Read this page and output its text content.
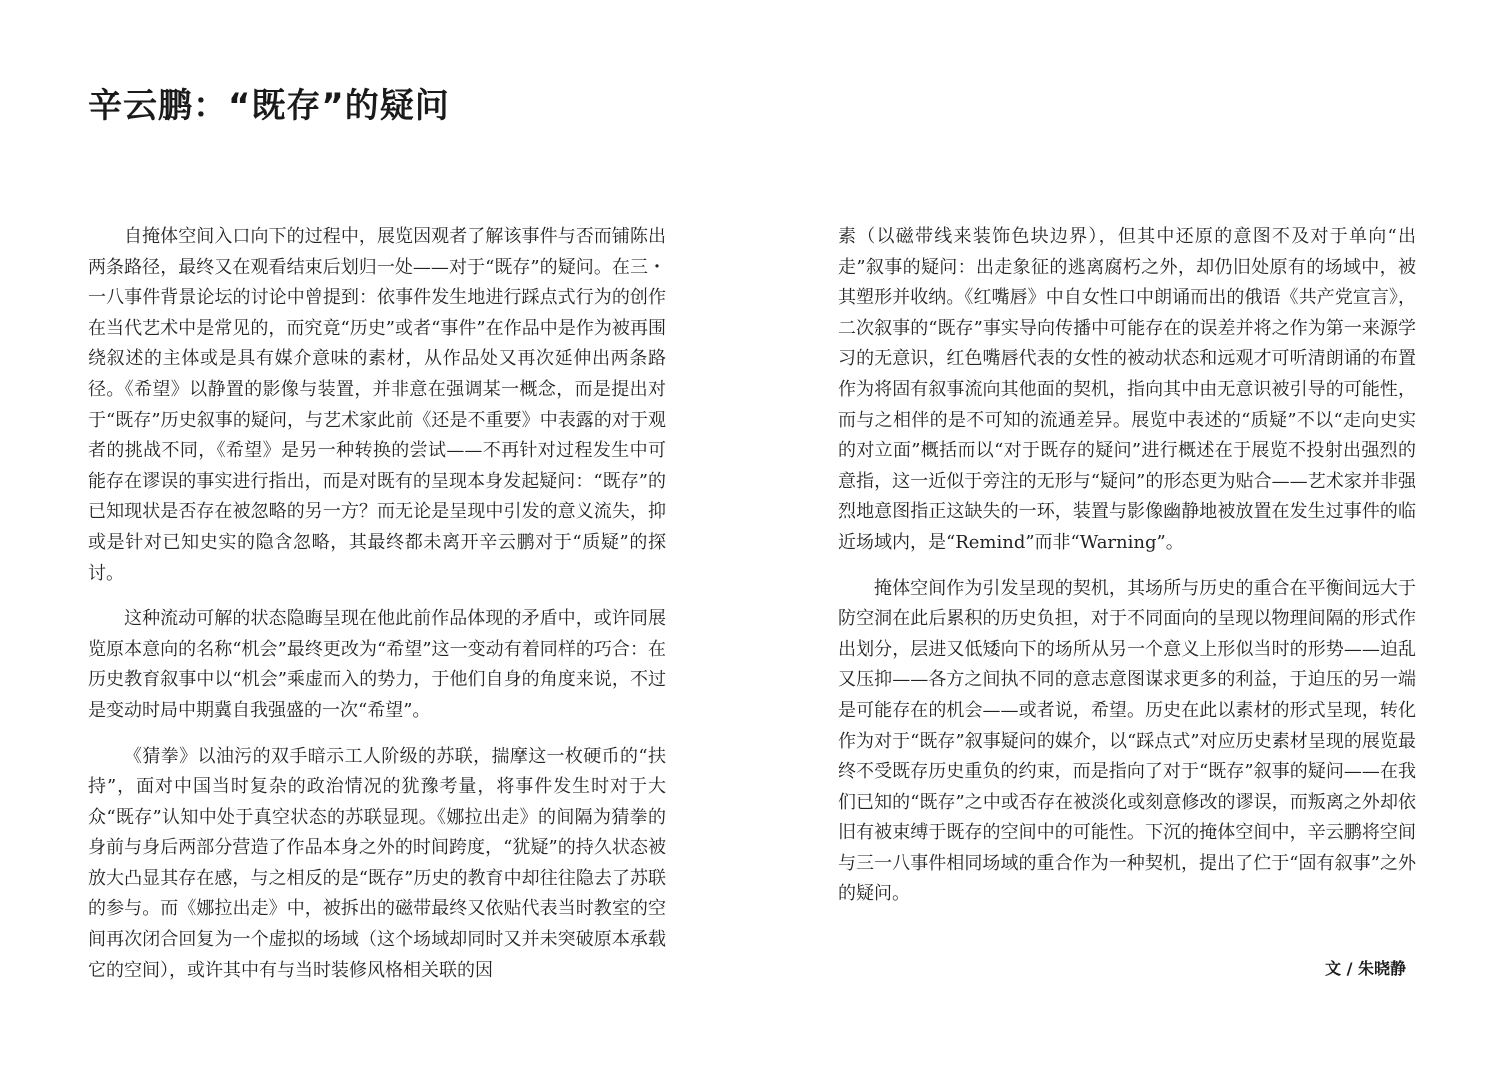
辛云鹏：“既存”的疑问

自掩体空间入口向下的过程中，展览因观者了解该事件与否而铺陈出两条路径，最终又在观看结束后划归一处——对于“既存”的疑问。在三・一八事件背景论坛的讨论中曾提到：依事件发生地进行踩点式行为的创作在当代艺术中是常见的，而究竟“历史”或者“事件”在作品中是作为被再围绕叙述的主体或是具有媒介意味的素材，从作品处又再次延伸出两条路径。《希望》以静置的影像与装置，并非意在强调某一概念，而是提出对于“既存”历史叙事的疑问，与艺术家此前《还是不重要》中表露的对于观者的挑战不同，《希望》是另一种转换的尝试——不再针对过程发生中可能存在谬误的事实进行指出，而是对既有的呈现本身发起疑问：“既存”的已知现状是否存在被忽略的另一方？而无论是呈现中引发的意义流失，抑或是针对已知史实的隐含忽略，其最终都未离开辛云鹏对于“质疑”的探讨。

这种流动可解的状态隐晦呈现在他此前作品体现的矛盾中，或许同展览原本意向的名称“机会”最终更改为“希望”这一变动有着同样的巧合：在历史教育叙事中以“机会”乘虚而入的势力，于他们自身的角度来说，不过是变动时局中期冀自我强盛的一次“希望”。

《猜拳》以油污的双手暗示工人阶级的苏联，揣摩这一枚硬币的“扶持”，面对中国当时复杂的政治情况的犹豫考量，将事件发生时对于大众“既存”认知中处于真空状态的苏联显现。《娜拉出走》的间隔为猜拳的身前与身后两部分营造了作品本身之外的时间跨度，“犹疑”的持久状态被放大凸显其存在感，与之相反的是“既存”历史的教育中却往往隐去了苏联的参与。而《娜拉出走》中，被拆出的磁带最终又依贴代表当时教室的空间再次闭合回复为一个虚拟的场域（这个场域却同时又并未突破原本承载它的空间），或许其中有与当时装修风格相关联的因

素（以磁带线来装饰色块边界），但其中还原的意图不及对于单向“出走”叙事的疑问：出走象征的逃离腐朽之外，却仍旧处原有的场域中，被其塑形并收纳。《红嘴唇》中自女性口中朗诵而出的俄语《共产党宣言》，二次叙事的“既存”事实导向传播中可能存在的误差并将之作为第一来源学习的无意识，红色嘴唇代表的女性的被动状态和远观才可听清朗诵的布置作为将固有叙事流向其他面的契机，指向其中由无意识被引导的可能性，而与之相伴的是不可知的流通差异。展览中表述的“质疑”不以“走向史实的对立面”概括而以“对于既存的疑问”进行概述在于展览不投射出强烈的意指，这一近似于旁注的无形与“疑问”的形态更为贴合——艺术家并非强烈地意图指正这缺失的一环，装置与影像幽静地被放置在发生过事件的临近场域内，是“Remind”而非“Warning”。

掩体空间作为引发呈现的契机，其场所与历史的重合在平衡间远大于防空洞在此后累积的历史负担，对于不同面向的呈现以物理间隔的形式作出划分，层进又低矮向下的场所从另一个意义上形似当时的形势——迫乱又压抑——各方之间执不同的意志意图谋求更多的利益，于迫压的另一端是可能存在的机会——或者说，希望。历史在此以素材的形式呈现，转化作为对于“既存”叙事疑问的媒介，以“踩点式”对应历史素材呈现的展览最终不受既存历史重负的约束，而是指向了对于“既存”叙事的疑问——在我们已知的“既存”之中或否存在被淡化或刻意修改的谬误，而叛离之外却依旧有被束缚于既存的空间中的可能性。下沉的掩体空间中，辛云鹏将空间与三一八事件相同场域的重合作为一种契机，提出了伫于“固有叙事”之外的疑问。

文 / 朱晓静
